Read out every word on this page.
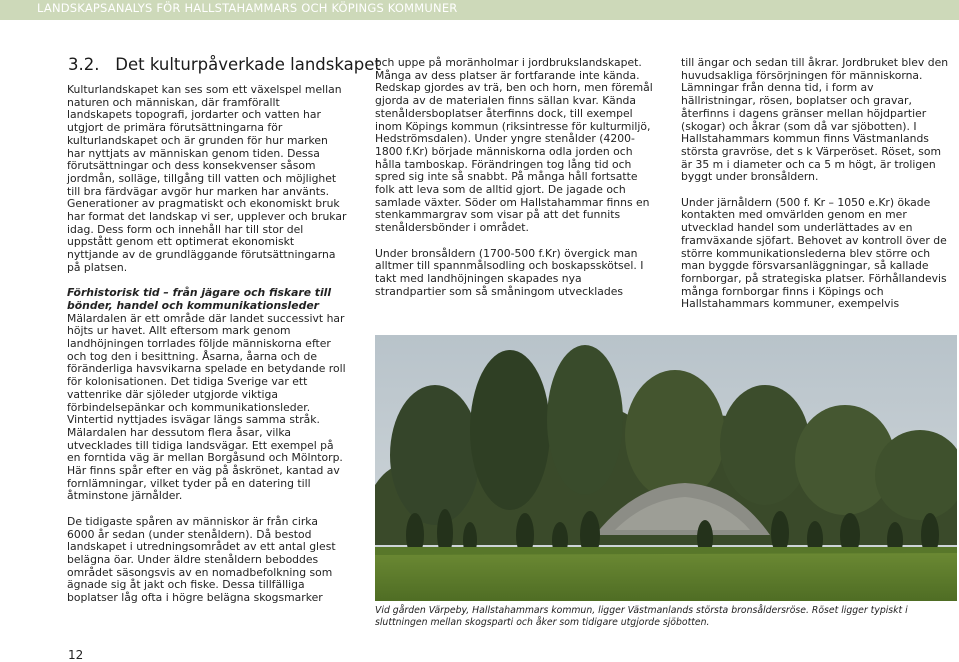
LANDSKAPSANALYS FÖR HALLSTAHAMMARS OCH KÖPINGS KOMMUNER
3.2. Det kulturpåverkade landskapet

Kulturlandskapet kan ses som ett växelspel mellan naturen och människan, där framförallt landskapets topografi, jordarter och vatten har utgjort de primära förutsättningarna för kulturlandskapet och är grunden för hur marken har nyttjats av människan genom tiden. Dessa förutsättningar och dess konsekvenser såsom jordmån, solläge, tillgång till vatten och möjlighet till bra färdvägar avgör hur marken har använts. Generationer av pragmatiskt och ekonomiskt bruk har format det landskap vi ser, upplever och brukar idag. Dess form och innehåll har till stor del uppstått genom ett optimerat ekonomiskt nyttjande av de grundläggande förutsättningarna på platsen.

Förhistorisk tid – från jägare och fiskare till bönder, handel och kommunikationsleder
Mälardalen är ett område där landet successivt har höjts ur havet. Allt eftersom mark genom landhöjningen torrlades följde människorna efter och tog den i besittning. Åsarna, åarna och de föränderliga havsvikarna spelade en betydande roll för kolonisationen. Det tidiga Sverige var ett vattenrike där sjöleder utgjorde viktiga förbindelsepänkar och kommunikationsleder. Vintertid nyttjades isvägar längs samma stråk. Mälardalen har dessutom flera åsar, vilka utvecklades till tidiga landsvägar. Ett exempel på en forntida väg är mellan Borgåsund och Mölntorp. Här finns spår efter en väg på åskrönet, kantad av fornlämningar, vilket tyder på en datering till åtminstone järnålder.

De tidigaste spåren av människor är från cirka 6000 år sedan (under stenåldern). Då bestod landskapet i utredningsområdet av ett antal glest belägna öar. Under äldre stenåldern beboddes området säsongsvis av en nomadbefolkning som ägnade sig åt jakt och fiske. Dessa tillfälliga boplatser låg ofta i högre belägna skogsmarker

och uppe på moränholmar i jordbrukslandskapet. Många av dess platser är fortfarande inte kända. Redskap gjordes av trä, ben och horn, men föremål gjorda av de materialen finns sällan kvar. Kända stenåldersboplatser återfinns dock, till exempel inom Köpings kommun (riksintresse för kulturmiljö, Hedströmsdalen). Under yngre stenålder (4200-1800 f.Kr) började människorna odla jorden och hålla tamboskap. Förändringen tog lång tid och spred sig inte så snabbt. På många håll fortsatte folk att leva som de alltid gjort. De jagade och samlade växter. Söder om Hallstahammar finns en stenkammargrav som visar på att det funnits stenåldersbönder i området.

Under bronsåldern (1700-500 f.Kr) övergick man alltmer till spannmålsodling och boskapsskötsel. I takt med landhöjningen skapades nya strandpartier som så småningom utvecklades

till ängar och sedan till åkrar. Jordbruket blev den huvudsakliga försörjningen för människorna. Lämningar från denna tid, i form av hällristningar, rösen, boplatser och gravar, återfinns i dagens gränser mellan höjdpartier (skogar) och åkrar (som då var sjöbotten). I Hallstahammars kommun finns Västmanlands största gravröse, det s k Värperöset. Röset, som är 35 m i diameter och ca 5 m högt, är troligen byggt under bronsåldern.

Under järnåldern (500 f. Kr – 1050 e.Kr) ökade kontakten med omvärlden genom en mer utvecklad handel som underlättades av en framväxande sjöfart. Behovet av kontroll över de större kommunikationslederna blev större och man byggde försvarsanläggningar, så kallade fornborgar, på strategiska platser. Förhållandevis många fornborgar finns i Köpings och Hallstahammars kommuner, exempelvis

Vid gården Värpeby, Hallstahammars kommun, ligger Västmanlands största bronsåldersröse. Röset ligger typiskt i sluttningen mellan skogsparti och åker som tidigare utgjorde sjöbotten.
12
